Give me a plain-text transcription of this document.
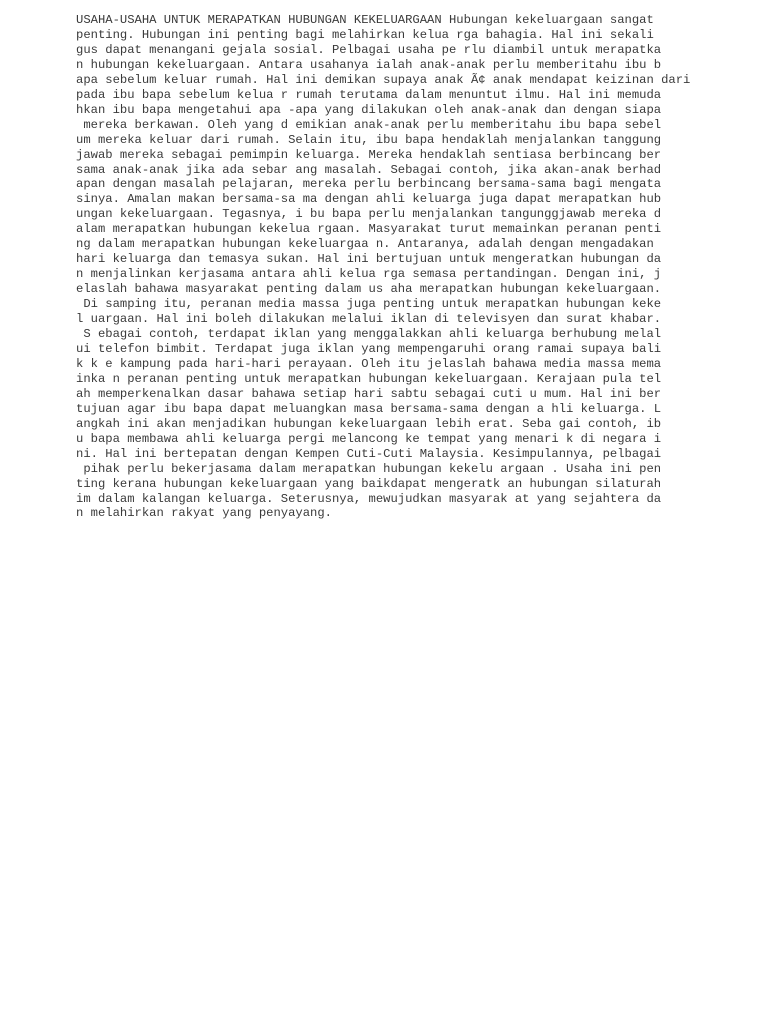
USAHA-USAHA UNTUK MERAPATKAN HUBUNGAN KEKELUARGAAN Hubungan kekeluargaan sangat
penting. Hubungan ini penting bagi melahirkan kelua rga bahagia. Hal ini sekali
gus dapat menangani gejala sosial. Pelbagai usaha pe rlu diambil untuk merapatka
n hubungan kekeluargaan. Antara usahanya ialah anak-anak perlu memberitahu ibu b
apa sebelum keluar rumah. Hal ini demikan supaya anak Ã¢ anak mendapat keizinan dari
pada ibu bapa sebelum kelua r rumah terutama dalam menuntut ilmu. Hal ini memuda
hkan ibu bapa mengetahui apa -apa yang dilakukan oleh anak-anak dan dengan siapa
mereka berkawan. Oleh yang d emikian anak-anak perlu memberitahu ibu bapa sebel
um mereka keluar dari rumah. Selain itu, ibu bapa hendaklah menjalankan tanggung
jawab mereka sebagai pemimpin keluarga. Mereka hendaklah sentiasa berbincang ber
sama anak-anak jika ada sebar ang masalah. Sebagai contoh, jika akan-anak berhad
apan dengan masalah pelajaran, mereka perlu berbincang bersama-sama bagi mengata
sinya. Amalan makan bersama-sa ma dengan ahli keluarga juga dapat merapatkan hub
ungan kekeluargaan. Tegasnya, i bu bapa perlu menjalankan tangunggjawab mereka d
alam merapatkan hubungan kekelua rgaan. Masyarakat turut memainkan peranan penti
ng dalam merapatkan hubungan kekeluargaa n. Antaranya, adalah dengan mengadakan
hari keluarga dan temasya sukan. Hal ini bertujuan untuk mengeratkan hubungan da
n menjalinkan kerjasama antara ahli kelua rga semasa pertandingan. Dengan ini, j
elaslah bahawa masyarakat penting dalam us aha merapatkan hubungan kekeluargaan.
Di samping itu, peranan media massa juga penting untuk merapatkan hubungan keke
l uargaan. Hal ini boleh dilakukan melalui iklan di televisyen dan surat khabar.
S ebagai contoh, terdapat iklan yang menggalakkan ahli keluarga berhubung melal
ui telefon bimbit. Terdapat juga iklan yang mempengaruhi orang ramai supaya bali
k k e kampung pada hari-hari perayaan. Oleh itu jelaslah bahawa media massa mema
inka n peranan penting untuk merapatkan hubungan kekeluargaan. Kerajaan pula tel
ah memperkenalkan dasar bahawa setiap hari sabtu sebagai cuti u mum. Hal ini ber
tujuan agar ibu bapa dapat meluangkan masa bersama-sama dengan a hli keluarga. L
angkah ini akan menjadikan hubungan kekeluargaan lebih erat. Seba gai contoh, ib
u bapa membawa ahli keluarga pergi melancong ke tempat yang menari k di negara i
ni. Hal ini bertepatan dengan Kempen Cuti-Cuti Malaysia. Kesimpulannya, pelbagai
pihak perlu bekerjasama dalam merapatkan hubungan kekelu argaan . Usaha ini pen
ting kerana hubungan kekeluargaan yang baikdapat mengeratk an hubungan silaturah
im dalam kalangan keluarga. Seterusnya, mewujudkan masyarak at yang sejahtera da
n melahirkan rakyat yang penyayang.
